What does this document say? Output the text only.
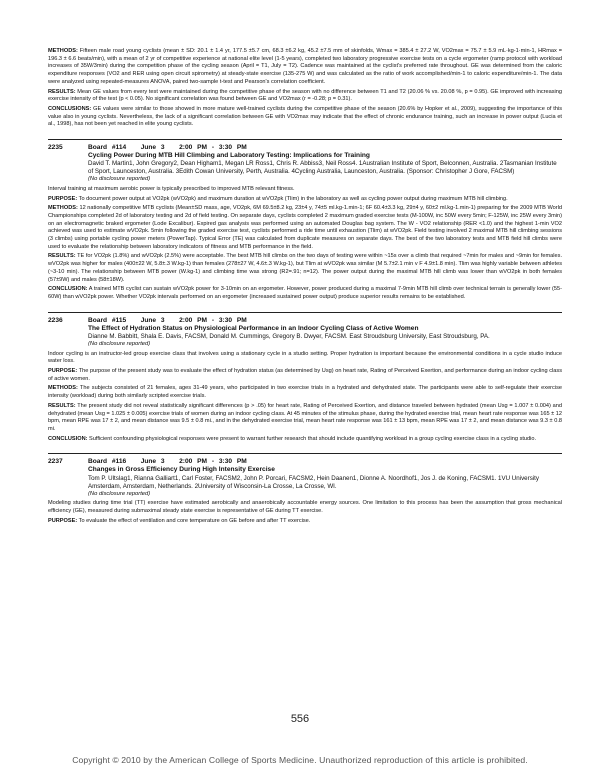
METHODS: Fifteen male road young cyclists (mean ± SD: 20.1 ± 1.4 yr, 177.5 ±5.7 cm, 68.3 ±6.2 kg, 45.2 ±7.5 mm of skinfolds, Wmax = 385.4 ± 27.2 W, VO2max = 75.7 ± 5.9 mL·kg-1·min-1, HRmax = 196.3 ± 6.6 beats/min), with a mean of 2 yr of competitive experience at national elite level (1-5 years), completed two laboratory progressive exercise tests on a cycle ergometer (ramp protocol with workload increases of 35W/3min) during the competition phase of the cycling season (April = T1, July = T2). Cadence was maintained at the cyclist's preferred rate throughout. GE was determined from the caloric expenditure responses (VO2 and RER using open circuit spirometry) at steady-state exercise (135-275 W) and was calculated as the ratio of work accomplished/min-1 to caloric expenditure/min-1. The data were analyzed using repeated-measures ANOVA, paired two-sample t-test and Pearson's correlation coefficient.

RESULTS: Mean GE values from every test were maintained during the competitive phase of the season with no difference between T1 and T2 (20.06 % vs. 20.08 %, p = 0.95). GE improved with increasing exercise intensity of the test (p < 0.05). No significant correlation was found between GE and VO2max (r = -0.28; p = 0.31).

CONCLUSIONS: GE values were similar to those showed in more mature well-trained cyclists during the competitive phase of the season (20.6% by Hopker et al., 2009), suggesting the importance of this value also in young cyclists. Nevertheless, the lack of a significant correlation between GE with VO2max may indicate that the effect of chronic endurance training, such an increase in power output (Lucia et al., 1998), has not been yet reached in elite young cyclists.

2235	Board #114 June 3 2:00 PM - 3:30 PM
Cycling Power During MTB Hill Climbing and Laboratory Testing: Implications for Training
David T. Martin1, John Gregory2, Dean Higham1, Megan LR Ross1, Chris R. Abbiss3, Neil Ross4. 1Australian Institute of Sport, Belconnen, Australia. 2Tasmanian Institute of Sport, Launceston, Australia. 3Edith Cowan University, Perth, Australia. 4Cycling Australia, Launceston, Australia. (Sponsor: Christopher J Gore, FACSM)
(No disclosure reported)

Interval training at maximum aerobic power is typically prescribed to improved MTB relevant fitness.

PURPOSE: To document power output at VO2pk (wVO2pk) and maximum duration at wVO2pk (Tlim) in the laboratory as well as cycling power output during maximum MTB hill climbing.

METHODS: 12 nationally competitive MTB cyclists (Mean±SD mass, age, VO2pk, 6M 69.5±8.2 kg, 23±4 y, 74±5 ml.kg-1.min-1; 6F 60.4±3.3 kg, 29±4 y, 60±2 ml.kg-1.min-1) preparing for the 2009 MTB World Championships completed 2d of laboratory testing and 2d of field testing. On separate days, cyclists completed 2 maximum graded exercise tests (M-100W, inc 50W every 5min; F-125W, inc 25W every 3min) on an electromagnetic braked ergometer (Lode Excalibur). Expired gas analysis was performed using an automated Douglas bag system. The W - VO2 relationship (RER <1.0) and the highest 1-min VO2 achieved was used to estimate wVO2pk. 5min following the graded exercise test, cyclists performed a ride time until exhaustion (Tlim) at wVO2pk. Field testing involved 2 maximal MTB hill climbing sessions (3 climbs) using portable cycling power meters (PowerTap). Typical Error (TE) was calculated from duplicate measures on separate days. The best of the two laboratory tests and MTB field hill climbs were used to evaluate the relationship between laboratory indicators of fitness and MTB performance in the field.

RESULTS: TE for VO2pk (1.8%) and wVO2pk (2.5%) were acceptable. The best MTB hill climbs on the two days of testing were within ~15s over a climb that required ~7min for males and ~9min for females. wVO2pk was higher for males (400±22 W, 5.8±.3 W.kg-1) than females (278±27 W, 4.6±.3 W.kg-1), but Tlim at wVO2pk was similar (M 5.7±2.1 min v F 4.9±1.8 min). Tlim was highly variable between athletes (~3-10 min). The relationship between MTB power (W.kg-1) and climbing time was strong (R2=.91; n=12). The power output during the maximal MTB hill climb was lower than wVO2pk in both females (57±9W) and males (58±18W).

CONCLUSION: A trained MTB cyclist can sustain wVO2pk power for 3-10min on an ergometer. However, power produced during a maximal 7-9min MTB hill climb over technical terrain is generally lower (55-60W) than wVO2pk power. Whether VO2pk intervals performed on an ergometer (increased sustained power output) produce superior results remains to be established.

2236	Board #115 June 3 2:00 PM - 3:30 PM
The Effect of Hydration Status on Physiological Performance in an Indoor Cycling Class of Active Women
Dianne M. Babbitt, Shala E. Davis, FACSM, Donald M. Cummings, Gregory B. Dwyer, FACSM. East Stroudsburg University, East Stroudsburg, PA.
(No disclosure reported)

Indoor cycling is an instructor-led group exercise class that involves using a stationary cycle in a studio setting. Proper hydration is important because the environmental conditions in a cycle studio induce water loss.

PURPOSE: The purpose of the present study was to evaluate the effect of hydration status (as determined by Usg) on heart rate, Rating of Perceived Exertion, and performance during an indoor cycling class of active women.

METHODS: The subjects consisted of 21 females, ages 31-49 years, who participated in two exercise trials in a hydrated and dehydrated state. The participants were able to self-regulate their exercise intensity (workload) during both similarly scripted exercise trials.

RESULTS: The present study did not reveal statistically significant differences (p > .05) for heart rate, Rating of Perceived Exertion, and distance traveled between hydrated (mean Usg = 1.007 ± 0.004) and dehydrated (mean Usg = 1.025 ± 0.005) exercise trials of women during an indoor cycling class. At 45 minutes of the stimulus phase, during the hydrated exercise trial, mean heart rate response was 165 ± 12 bpm, mean RPE was 17 ± 2, and mean distance was 9.5 ± 0.8 mi., and in the dehydrated exercise trial, mean heart rate response was 161 ± 13 bpm, mean RPE was 17 ± 2, and mean distance was 9.3 ± 0.8 mi.

CONCLUSION: Sufficient confounding physiological responses were present to warrant further research that should include quantifying workload in a group cycling exercise class in a cycling studio.

2237	Board #116 June 3 2:00 PM - 3:30 PM
Changes in Gross Efficiency During High Intensity Exercise
Tom P. Ultslag1, Rianna Galliart1, Carl Foster, FACSM2, John P. Porcari, FACSM2, Hein Daanen1, Dionne A. Noordhof1, Jos J. de Koning, FACSM1. 1VU University Amsterdam, Amsterdam, Netherlands. 2University of Wisconsin-La Crosse, La Crosse, WI.
(No disclosure reported)

Modeling studies during time trial (TT) exercise have estimated aerobically and anaerobically accountable energy sources. One limitation to this process has been the assumption that gross mechanical efficiency (GE), measured during submaximal steady state exercise is representative of GE during TT exercise.

PURPOSE: To evaluate the effect of ventilation and core temperature on GE before and after TT exercise.

556
Copyright © 2010 by the American College of Sports Medicine. Unauthorized reproduction of this article is prohibited.
